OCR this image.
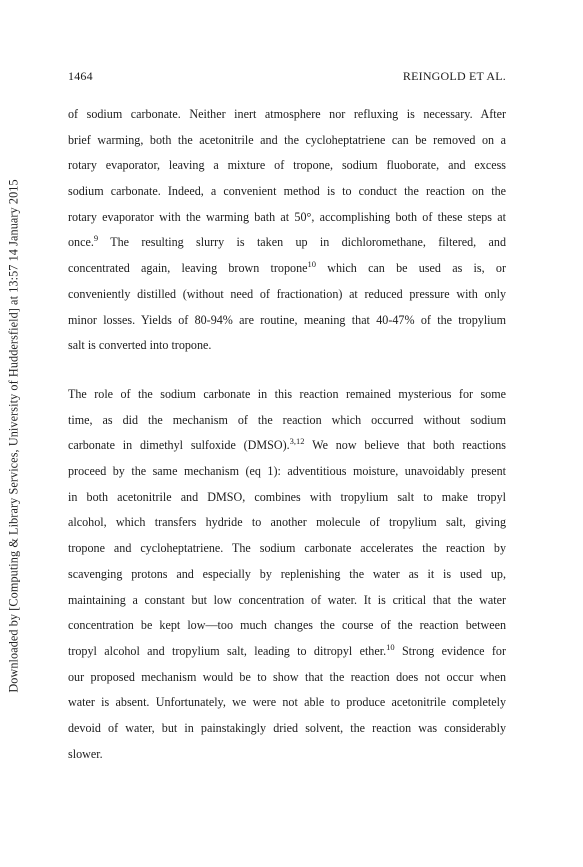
1464	REINGOLD ET AL.
Downloaded by [Computing & Library Services, University of Huddersfield] at 13:57 14 January 2015
of sodium carbonate. Neither inert atmosphere nor refluxing is necessary. After
brief warming, both the acetonitrile and the cycloheptatriene can be removed on a
rotary evaporator, leaving a mixture of tropone, sodium fluoborate, and excess
sodium carbonate. Indeed, a convenient method is to conduct the reaction on the
rotary evaporator with the warming bath at 50°, accomplishing both of these steps at
once.$^9$ The resulting slurry is taken up in dichloromethane, filtered, and
concentrated again, leaving brown tropone$^{10}$ which can be used as is, or
conveniently distilled (without need of fractionation) at reduced pressure with only
minor losses. Yields of 80-94% are routine, meaning that 40-47% of the tropylium
salt is converted into tropone.
The role of the sodium carbonate in this reaction remained mysterious for some
time, as did the mechanism of the reaction which occurred without sodium
carbonate in dimethyl sulfoxide (DMSO).$^{3,12}$ We now believe that both reactions
proceed by the same mechanism (eq 1): adventitious moisture, unavoidably present
in both acetonitrile and DMSO, combines with tropylium salt to make tropyl
alcohol, which transfers hydride to another molecule of tropylium salt, giving
tropone and cycloheptatriene. The sodium carbonate accelerates the reaction by
scavenging protons and especially by replenishing the water as it is used up,
maintaining a constant but low concentration of water. It is critical that the water
concentration be kept low—too much changes the course of the reaction between
tropyl alcohol and tropylium salt, leading to ditropyl ether.$^{10}$ Strong evidence for
our proposed mechanism would be to show that the reaction does not occur when
water is absent. Unfortunately, we were not able to produce acetonitrile completely
devoid of water, but in painstakingly dried solvent, the reaction was considerably
slower.
